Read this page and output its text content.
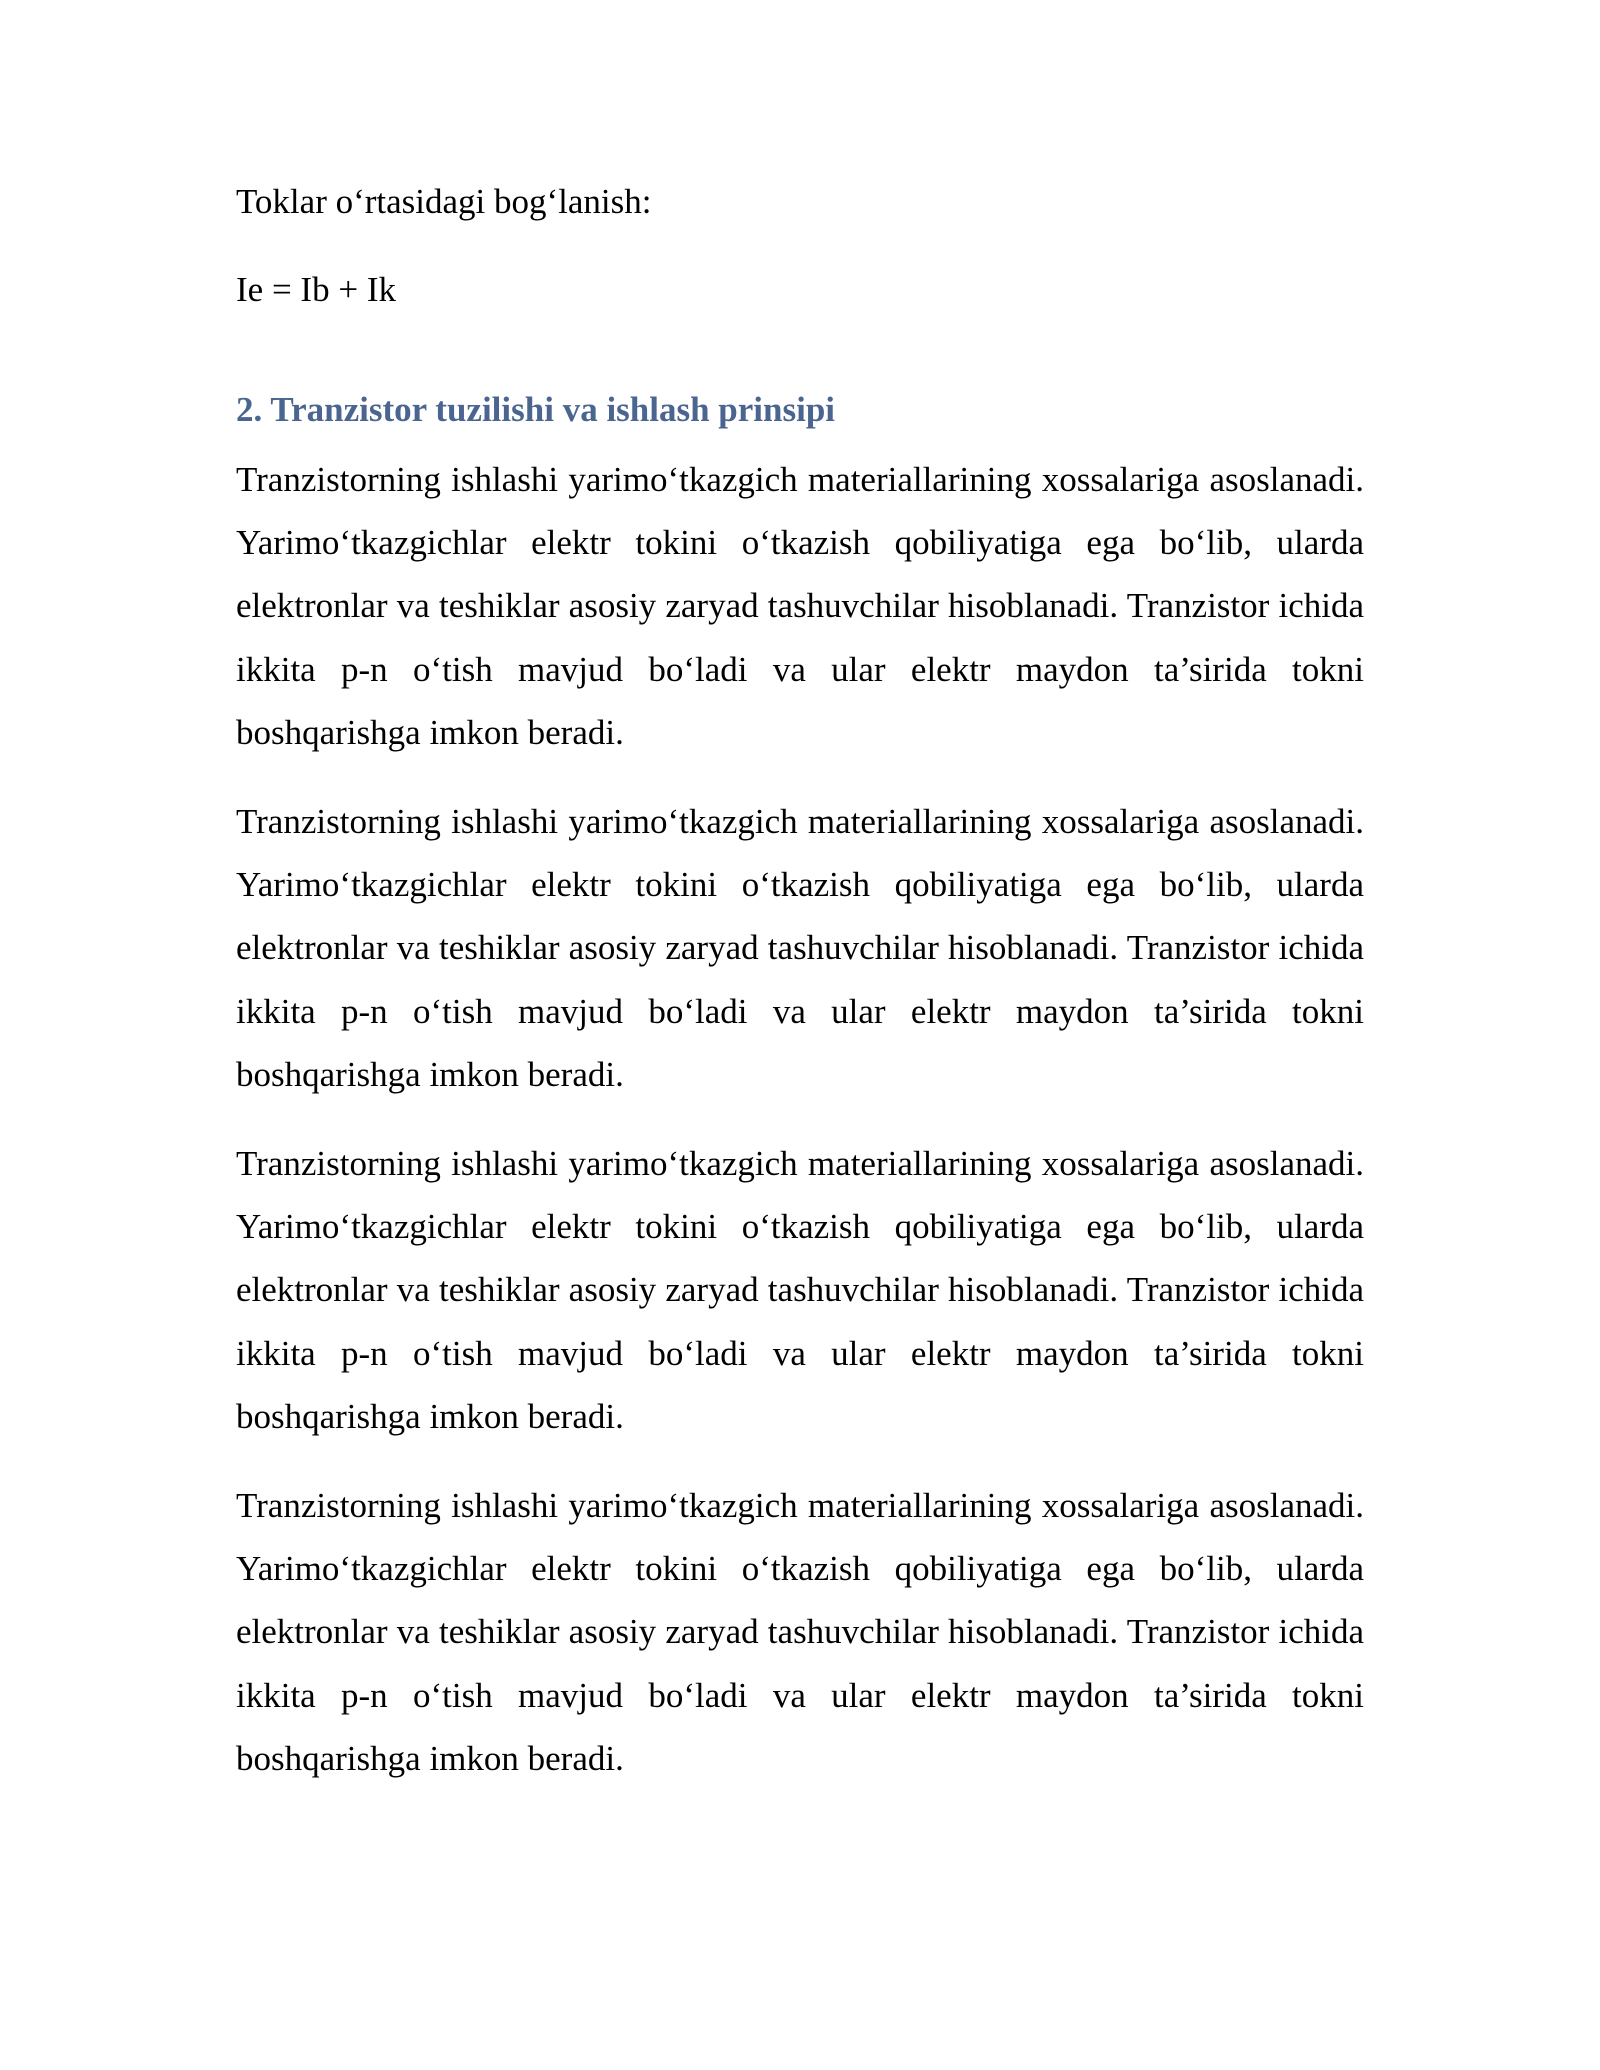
Toklar o‘rtasidagi bog‘lanish:

Ie = Ib + Ik

2. Tranzistor tuzilishi va ishlash prinsipi

Tranzistorning ishlashi yarimo‘tkazgich materiallarining xossalariga asoslanadi. Yarimo‘tkazgichlar elektr tokini o‘tkazish qobiliyatiga ega bo‘lib, ularda elektronlar va teshiklar asosiy zaryad tashuvchilar hisoblanadi. Tranzistor ichida ikkita p-n o‘tish mavjud bo‘ladi va ular elektr maydon ta’sirida tokni boshqarishga imkon beradi.

Tranzistorning ishlashi yarimo‘tkazgich materiallarining xossalariga asoslanadi. Yarimo‘tkazgichlar elektr tokini o‘tkazish qobiliyatiga ega bo‘lib, ularda elektronlar va teshiklar asosiy zaryad tashuvchilar hisoblanadi. Tranzistor ichida ikkita p-n o‘tish mavjud bo‘ladi va ular elektr maydon ta’sirida tokni boshqarishga imkon beradi.

Tranzistorning ishlashi yarimo‘tkazgich materiallarining xossalariga asoslanadi. Yarimo‘tkazgichlar elektr tokini o‘tkazish qobiliyatiga ega bo‘lib, ularda elektronlar va teshiklar asosiy zaryad tashuvchilar hisoblanadi. Tranzistor ichida ikkita p-n o‘tish mavjud bo‘ladi va ular elektr maydon ta’sirida tokni boshqarishga imkon beradi.

Tranzistorning ishlashi yarimo‘tkazgich materiallarining xossalariga asoslanadi. Yarimo‘tkazgichlar elektr tokini o‘tkazish qobiliyatiga ega bo‘lib, ularda elektronlar va teshiklar asosiy zaryad tashuvchilar hisoblanadi. Tranzistor ichida ikkita p-n o‘tish mavjud bo‘ladi va ular elektr maydon ta’sirida tokni boshqarishga imkon beradi.
